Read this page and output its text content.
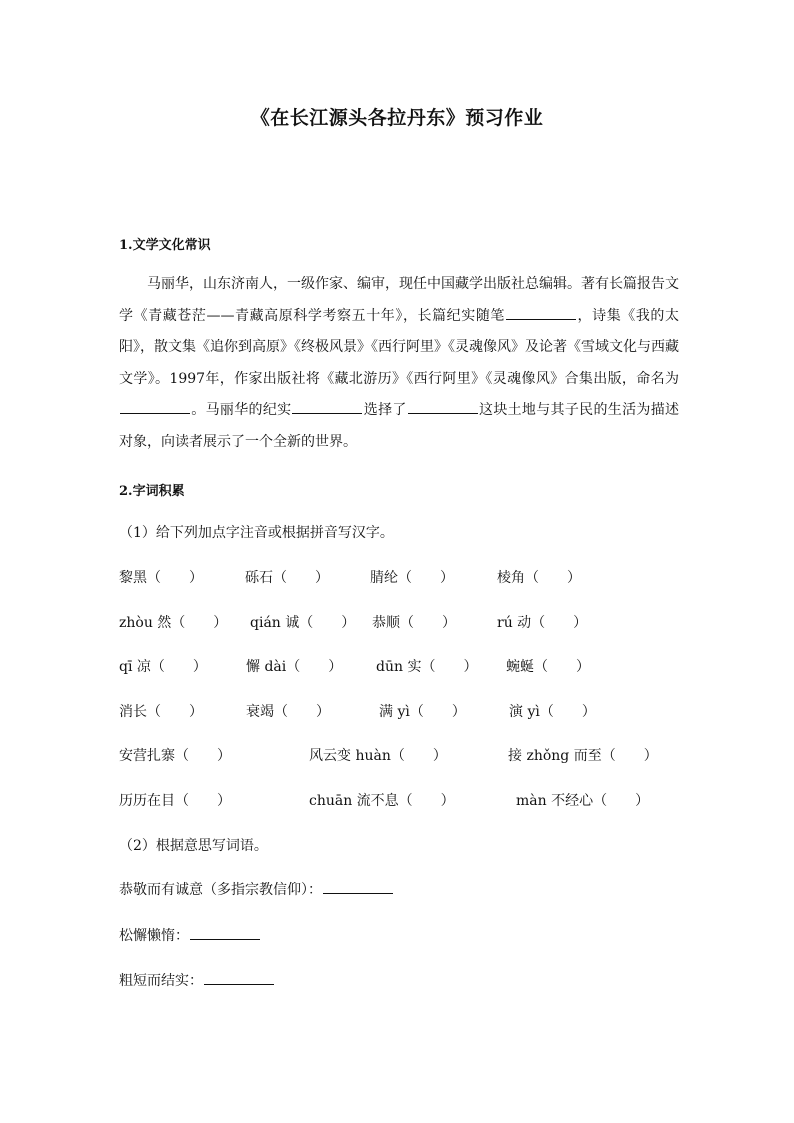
《在长江源头各拉丹东》预习作业
1.文学文化常识
马丽华，山东济南人，一级作家、编审，现任中国藏学出版社总编辑。著有长篇报告文学《青藏苍茫——青藏高原科学考察五十年》，长篇纪实随笔	，诗集《我的太阳》，散文集《追你到高原》《终极风景》《西行阿里》《灵魂像风》及论著《雪域文化与西藏文学》。1997年，作家出版社将《藏北游历》《西行阿里》《灵魂像风》合集出版，命名为。马丽华的纪实	选择了	这块土地与其子民的生活为描述对象，向读者展示了一个全新的世界。
2.字词积累
（1）给下列加点字注音或根据拼音写汉字。
黎黑（　　）	砾石（　　）	腈纶（　　）	棱角（　　）
zhòu 然（　　） qián 诚（　　） 恭顺（　　）	rú 动（　　）
qī 凉（　　）	懈 dài（　　） dūn 实（　　） 蜿蜒（　　）
消长（　　）	衰竭（　　）	满 yì（　　）	演 yì（　　）
安营扎寨（　　）	风云变 huàn（　　）	接 zhǒng 而至（　　）
历历在目（　　）	chuān 流不息（　　）	màn 不经心（　　）
（2）根据意思写词语。
恭敬而有诚意（多指宗教信仰）：
松懈懒惰：
粗短而结实：
